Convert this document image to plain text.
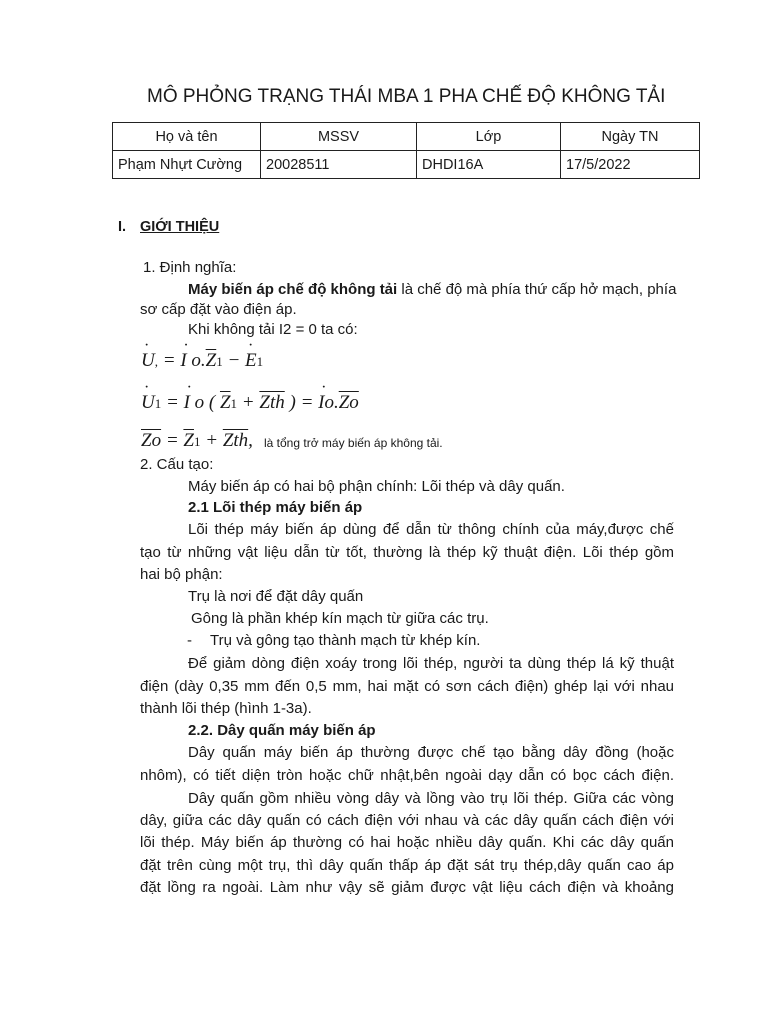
MÔ PHỎNG TRẠNG THÁI MBA 1 PHA CHẾ ĐỘ KHÔNG TẢI
Họ và tên	MSSV	Lớp	Ngày TN
Phạm Nhựt Cường	20028511	DHDI16A	17/5/2022
I. GIỚI THIỆU
1. Định nghĩa:
Máy biến áp chế độ không tải là chế độ mà phía thứ cấp hở mạch, phía
sơ cấp đặt vào điện áp.
Khi không tải I2 = 0 ta có:
· U, = · I $o.\overline{Z}1$ − · E1
· U1 = · I o ( $\overline{Z}1 + \overline{Zth}$ ) = · $Io.\overline{Zo}$
$\overline{Zo} = \overline{Z}1 + \overline{Zth}$, là tổng trở máy biến áp không tải.
2. Cấu tạo:
Máy biến áp có hai bộ phận chính: Lõi thép và dây quấn.
2.1 Lõi thép máy biến áp
Lõi thép máy biến áp dùng để dẫn từ thông chính của máy,được chế
tạo từ những vật liệu dẫn từ tốt, thường là thép kỹ thuật điện. Lõi thép gồm
hai bộ phận:
Trụ là nơi để đặt dây quấn
Gông là phần khép kín mạch từ giữa các trụ.
- Trụ và gông tạo thành mạch từ khép kín.
Để giảm dòng điện xoáy trong lõi thép, người ta dùng thép lá kỹ thuật
điện (dày 0,35 mm đến 0,5 mm, hai mặt có sơn cách điện) ghép lại với nhau
thành lõi thép (hình 1-3a).
2.2. Dây quấn máy biến áp
Dây quấn máy biến áp thường được chế tạo bằng dây đồng (hoặc
nhôm), có tiết diện tròn hoặc chữ nhật,bên ngoài dạy dẫn có bọc cách điện.
Dây quấn gồm nhiều vòng dây và lồng vào trụ lõi thép. Giữa các vòng
dây, giữa các dây quấn có cách điện với nhau và các dây quấn cách điện với
lõi thép. Máy biến áp thường có hai hoặc nhiều dây quấn. Khi các dây quấn
đặt trên cùng một trụ, thì dây quấn thấp áp đặt sát trụ thép,dây quấn cao áp
đặt lồng ra ngoài. Làm như vậy sẽ giảm được vật liệu cách điện và khoảng
